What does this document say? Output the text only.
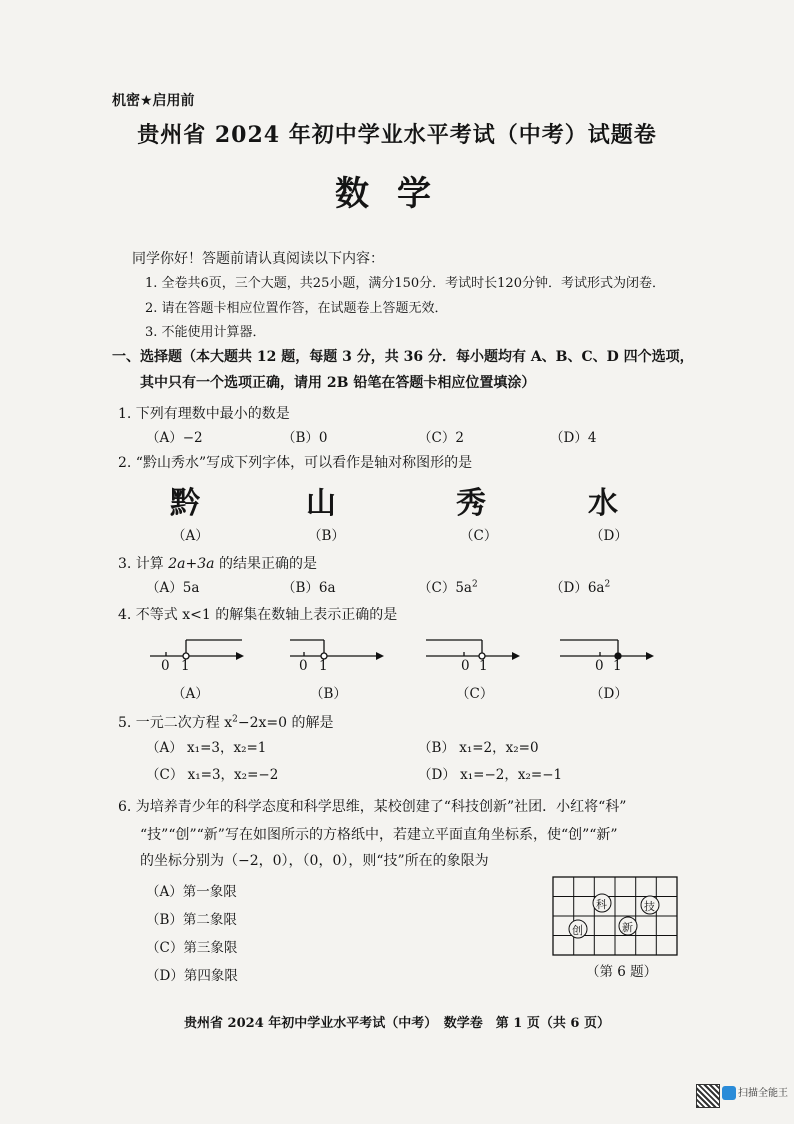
机密★启用前
贵州省 2024 年初中学业水平考试（中考）试题卷
数学
同学你好！答题前请认真阅读以下内容：
1. 全卷共6页，三个大题，共25小题，满分150分．考试时长120分钟．考试形式为闭卷．
2. 请在答题卡相应位置作答，在试题卷上答题无效．
3. 不能使用计算器．
一、选择题（本大题共 12 题，每题 3 分，共 36 分．每小题均有 A、B、C、D 四个选项，
其中只有一个选项正确，请用 2B 铅笔在答题卡相应位置填涂）
1. 下列有理数中最小的数是
（A）−2	（B）0	（C）2	（D）4
2. “黔山秀水”写成下列字体，可以看作是轴对称图形的是
黔	山	秀	水
（A）	（B）	（C）	（D）
3. 计算 2a+3a 的结果正确的是
（A）5a	（B）6a	$(C)5a^2$	$(D)6a^2$
4. 不等式 x<1 的解集在数轴上表示正确的是
0 1	0 1	0 1	0 1
（A）	（B）	（C）	（D）
5. 一元二次方程 $x^2-2x=0$ 的解是
（A） x₁=3，x₂=1	（B） x₁=2，x₂=0
（C） x₁=3，x₂=−2	（D） x₁=−2，x₂=−1
6. 为培养青少年的科学态度和科学思维，某校创建了“科技创新”社团．小红将“科”
“技”“创”“新”写在如图所示的方格纸中，若建立平面直角坐标系，使“创”“新”
的坐标分别为（−2，0），（0，0），则“技”所在的象限为
（A）第一象限
（B）第二象限
（C）第三象限
（D）第四象限
科	技
创	新
（第 6 题）
贵州省 2024 年初中学业水平考试（中考）　数学卷　第 1 页（共 6 页）
扫描全能王
